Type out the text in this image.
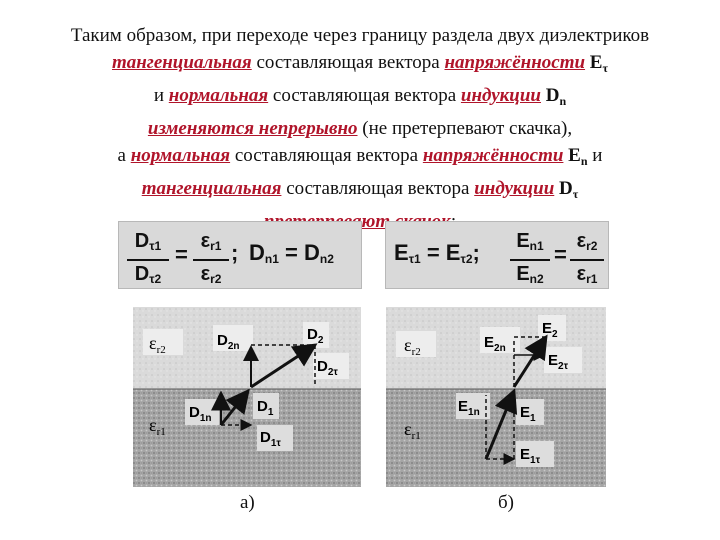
Таким образом, при переходе через границу раздела двух диэлектриков
тангенциальная составляющая вектора напряжённости $E_\tau$
и нормальная составляющая вектора индукции $D_n$
изменяются непрерывно (не претерпевают скачка),
а нормальная составляющая вектора напряжённости $E_n$ и
тангенциальная составляющая вектора индукции $D_\tau$
Dτ1
Dτ2
=
εr1
εr2
; Dn1 = Dn2	Eτ1 = Eτ2;	En1
En2
=
εr2
εr1
$\varepsilon_{r2}$
$\varepsilon_{r1}$
$D_{2n}$
$D_2$
$D_{2\tau}$
$D_{1n}$
$D_1$
$D_{1\tau}$
а)
$\varepsilon_{r2}$
$\varepsilon_{r1}$
$E_{2n}$
$E_2$
$E_{2\tau}$
$E_{1n}$	$E_1$
$E_{1\tau}$
б)
